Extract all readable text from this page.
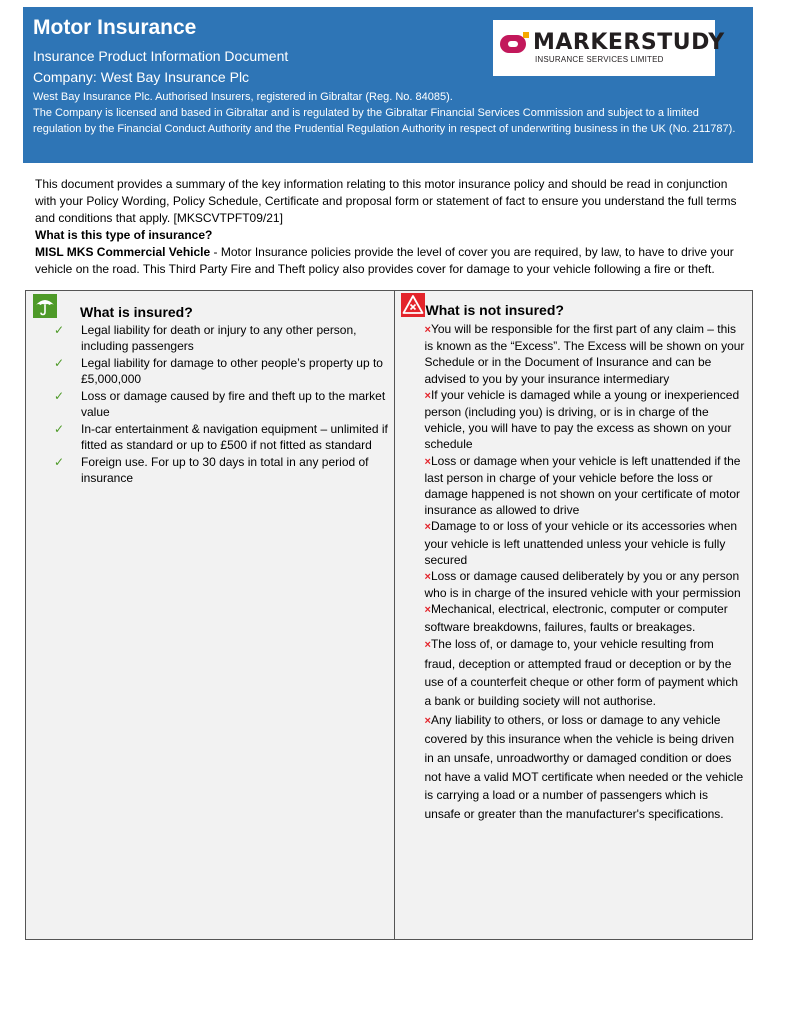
Motor Insurance
Insurance Product Information Document
Company: West Bay Insurance Plc
West Bay Insurance Plc. Authorised Insurers, registered in Gibraltar (Reg. No. 84085).
The Company is licensed and based in Gibraltar and is regulated by the Gibraltar Financial Services Commission and subject to a limited regulation by the Financial Conduct Authority and the Prudential Regulation Authority in respect of underwriting business in the UK (No. 211787).
MARKERSTUDY
INSURANCE SERVICES LIMITED

This document provides a summary of the key information relating to this motor insurance policy and should be read in conjunction with your Policy Wording, Policy Schedule, Certificate and proposal form or statement of fact to ensure you understand the full terms and conditions that apply. [MKSCVTPFT09/21]

What is this type of insurance?

MISL MKS Commercial Vehicle - Motor Insurance policies provide the level of cover you are required, by law, to have to drive your vehicle on the road. This Third Party Fire and Theft policy also provides cover for damage to your vehicle following a fire or theft.

What is insured?
✓ Legal liability for death or injury to any other person, including passengers
✓ Legal liability for damage to other people’s property up to £5,000,000
✓ Loss or damage caused by fire and theft up to the market value
✓ In-car entertainment & navigation equipment – unlimited if fitted as standard or up to £500 if not fitted as standard
✓ Foreign use. For up to 30 days in total in any period of insurance
What is not insured?
×You will be responsible for the first part of any claim – this is known as the “Excess”. The Excess will be shown on your Schedule or in the Document of Insurance and can be advised to you by your insurance intermediary
×If your vehicle is damaged while a young or inexperienced person (including you) is driving, or is in charge of the vehicle, you will have to pay the excess as shown on your schedule
×Loss or damage when your vehicle is left unattended if the last person in charge of your vehicle before the loss or damage happened is not shown on your certificate of motor insurance as allowed to drive
×Damage to or loss of your vehicle or its accessories when your vehicle is left unattended unless your vehicle is fully secured
×Loss or damage caused deliberately by you or any person who is in charge of the insured vehicle with your permission
×Mechanical, electrical, electronic, computer or computer software breakdowns, failures, faults or breakages.
×The loss of, or damage to, your vehicle resulting from fraud, deception or attempted fraud or deception or by the use of a counterfeit cheque or other form of payment which a bank or building society will not authorise.
×Any liability to others, or loss or damage to any vehicle covered by this insurance when the vehicle is being driven in an unsafe, unroadworthy or damaged condition or does not have a valid MOT certificate when needed or the vehicle is carrying a load or a number of passengers which is unsafe or greater than the manufacturer's specifications.
